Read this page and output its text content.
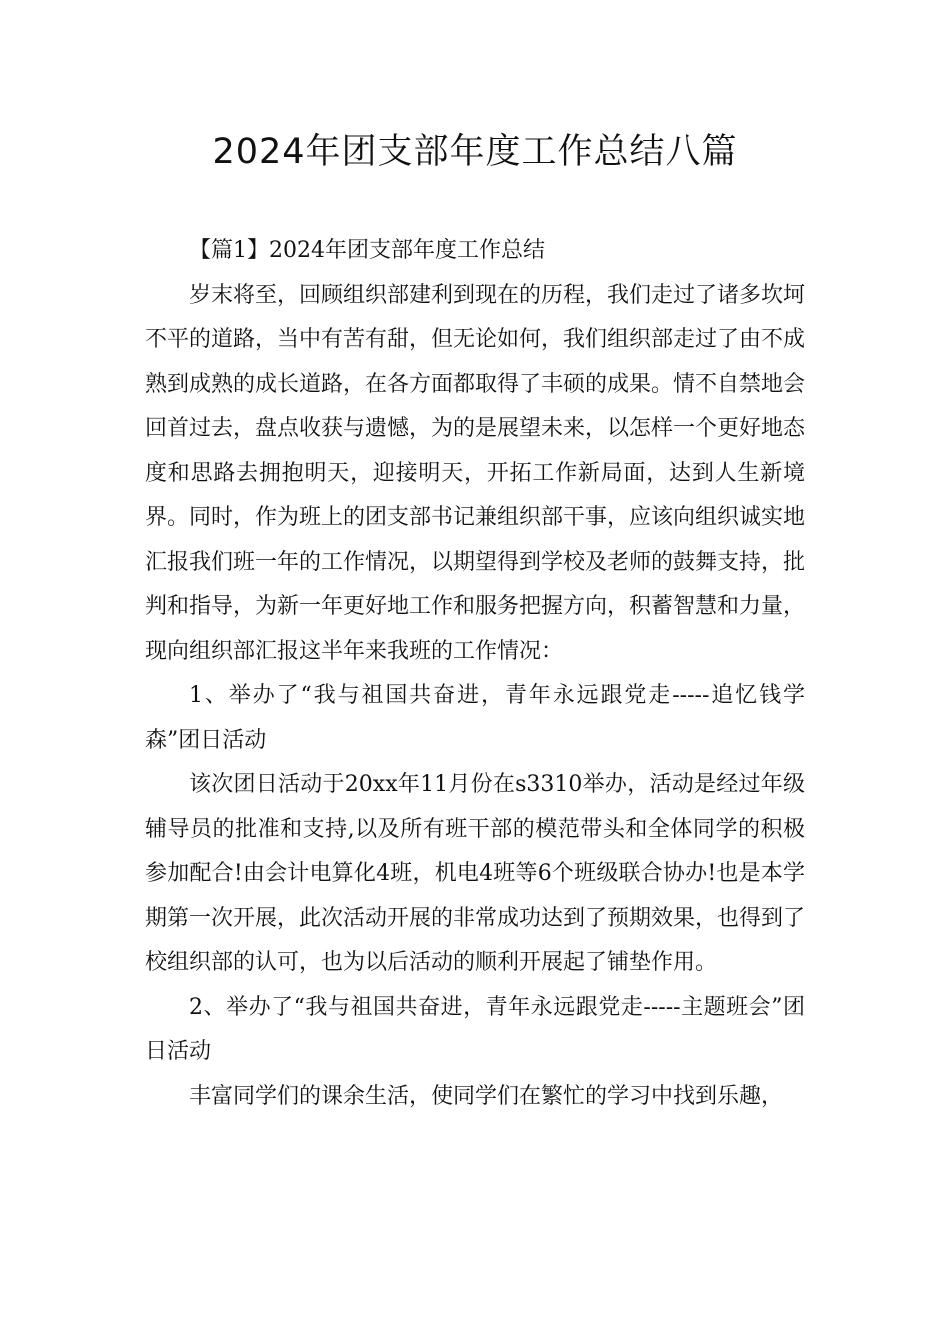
2024年团支部年度工作总结八篇

【篇1】2024年团支部年度工作总结

岁末将至，回顾组织部建利到现在的历程，我们走过了诸多坎坷不平的道路，当中有苦有甜，但无论如何，我们组织部走过了由不成熟到成熟的成长道路，在各方面都取得了丰硕的成果。情不自禁地会回首过去，盘点收获与遗憾，为的是展望未来，以怎样一个更好地态度和思路去拥抱明天，迎接明天，开拓工作新局面，达到人生新境界。同时，作为班上的团支部书记兼组织部干事，应该向组织诚实地汇报我们班一年的工作情况，以期望得到学校及老师的鼓舞支持，批判和指导，为新一年更好地工作和服务把握方向，积蓄智慧和力量，现向组织部汇报这半年来我班的工作情况：

1、举办了“我与祖国共奋进，青年永远跟党走-----追忆钱学森”团日活动

该次团日活动于20xx年11月份在s3310举办，活动是经过年级辅导员的批准和支持,以及所有班干部的模范带头和全体同学的积极参加配合!由会计电算化4班，机电4班等6个班级联合协办!也是本学期第一次开展，此次活动开展的非常成功达到了预期效果，也得到了校组织部的认可，也为以后活动的顺利开展起了铺垫作用。

2、举办了“我与祖国共奋进，青年永远跟党走-----主题班会”团日活动

丰富同学们的课余生活，使同学们在繁忙的学习中找到乐趣，
